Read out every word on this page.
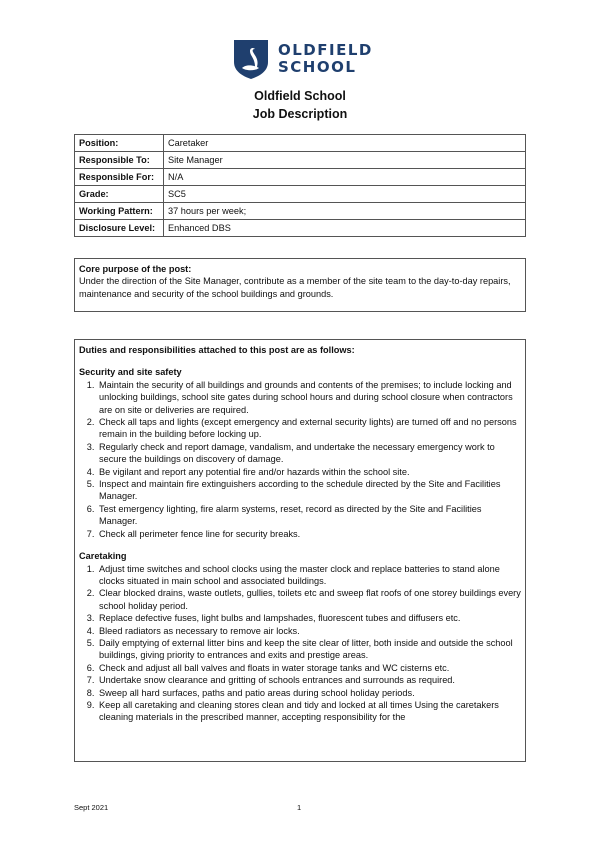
OLDFIELD
SCHOOL
Oldfield School
Job Description
Position:	Caretaker
Responsible To:	Site Manager
Responsible For:	N/A
Grade:	SC5
Working Pattern:	37 hours per week;
Disclosure Level:	Enhanced DBS
Core purpose of the post:
Under the direction of the Site Manager, contribute as a member of the site team to the day-to-day repairs, maintenance and security of the school buildings and grounds.
Duties and responsibilities attached to this post are as follows:
Security and site safety
1. Maintain the security of all buildings and grounds and contents of the premises; to include locking and unlocking buildings, school site gates during school hours and during school closure when contractors are on site or deliveries are required.
2. Check all taps and lights (except emergency and external security lights) are turned off and no persons remain in the building before locking up.
3. Regularly check and report damage, vandalism, and undertake the necessary emergency work to secure the buildings on discovery of damage.
4. Be vigilant and report any potential fire and/or hazards within the school site.
5. Inspect and maintain fire extinguishers according to the schedule directed by the Site and Facilities Manager.
6. Test emergency lighting, fire alarm systems, reset, record as directed by the Site and Facilities Manager.
7. Check all perimeter fence line for security breaks.
Caretaking
1. Adjust time switches and school clocks using the master clock and replace batteries to stand alone clocks situated in main school and associated buildings.
2. Clear blocked drains, waste outlets, gullies, toilets etc and sweep flat roofs of one storey buildings every school holiday period.
3. Replace defective fuses, light bulbs and lampshades, fluorescent tubes and diffusers etc.
4. Bleed radiators as necessary to remove air locks.
5. Daily emptying of external litter bins and keep the site clear of litter, both inside and outside the school buildings, giving priority to entrances and exits and prestige areas.
6. Check and adjust all ball valves and floats in water storage tanks and WC cisterns etc.
7. Undertake snow clearance and gritting of schools entrances and surrounds as required.
8. Sweep all hard surfaces, paths and patio areas during school holiday periods.
9. Keep all caretaking and cleaning stores clean and tidy and locked at all times Using the caretakers cleaning materials in the prescribed manner, accepting responsibility for the
Sept 2021	1
